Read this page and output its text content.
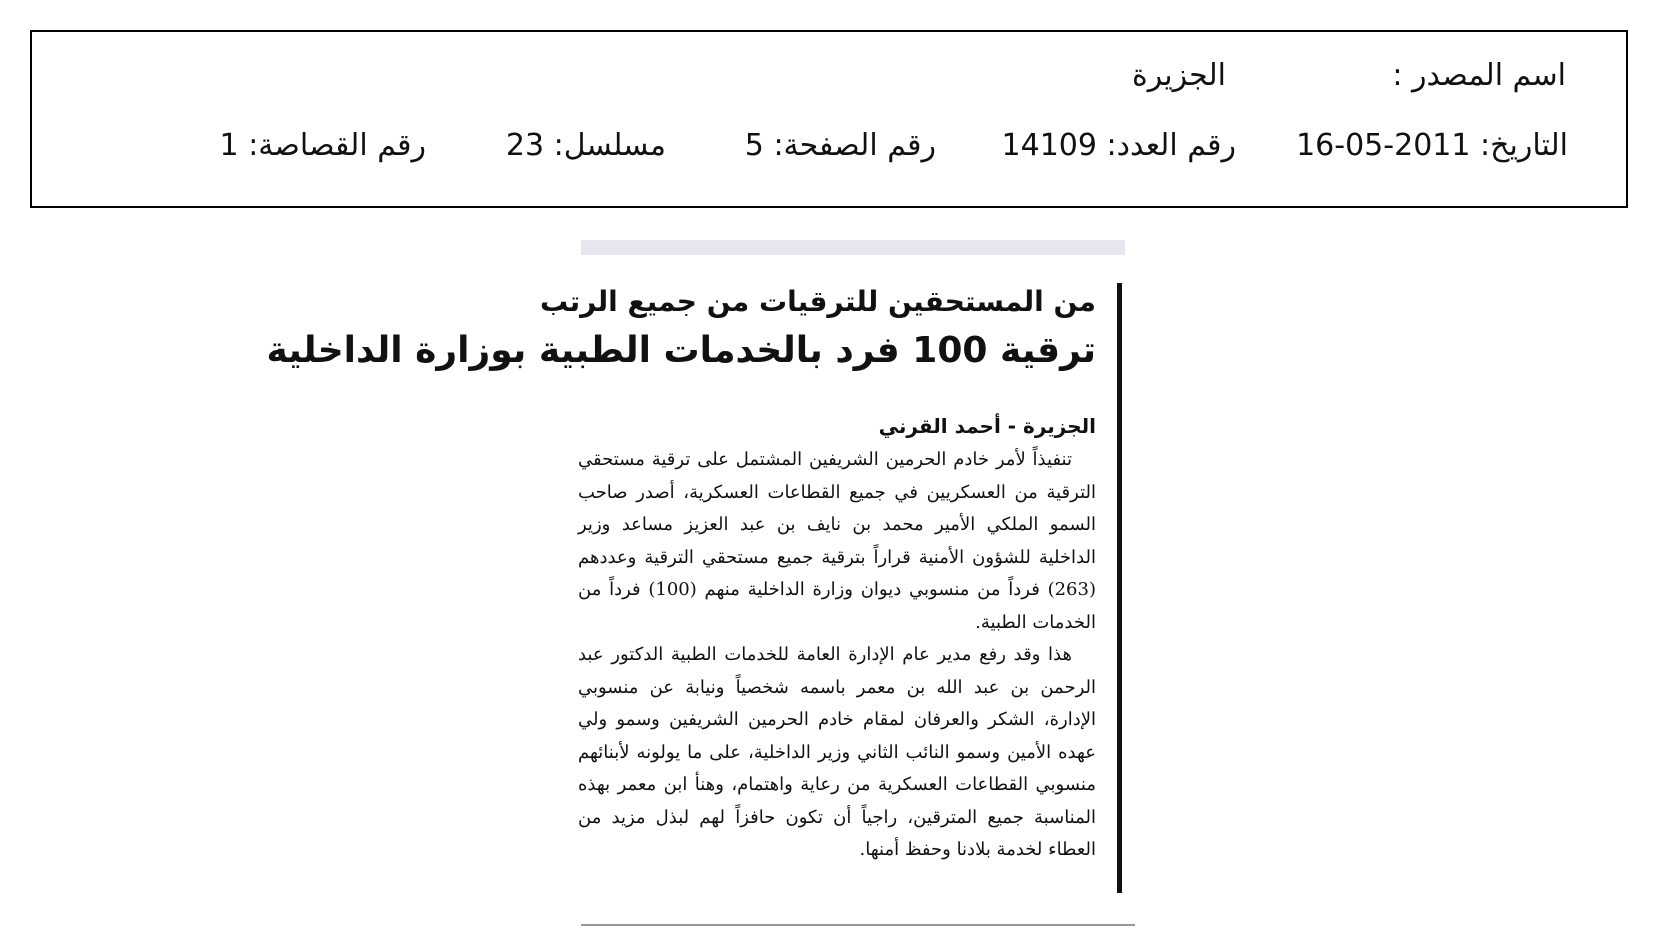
اسم المصدر :
الجزيرة
التاريخ: 2011-05-16
رقم العدد: 14109
رقم الصفحة: 5
مسلسل: 23
رقم القصاصة: 1
من المستحقين للترقيات من جميع الرتب
ترقية 100 فرد بالخدمات الطبية بوزارة الداخلية
الجزيرة - أحمد القرني

تنفيذاً لأمر خادم الحرمين الشريفين المشتمل على ترقية مستحقي الترقية من العسكريين في جميع القطاعات العسكرية، أصدر صاحب السمو الملكي الأمير محمد بن نايف بن عبد العزيز مساعد وزير الداخلية للشؤون الأمنية قراراً بترقية جميع مستحقي الترقية وعددهم (263) فرداً من منسوبي ديوان وزارة الداخلية منهم (100) فرداً من الخدمات الطبية.

هذا وقد رفع مدير عام الإدارة العامة للخدمات الطبية الدكتور عبد الرحمن بن عبد الله بن معمر باسمه شخصياً ونيابة عن منسوبي الإدارة، الشكر والعرفان لمقام خادم الحرمين الشريفين وسمو ولي عهده الأمين وسمو النائب الثاني وزير الداخلية، على ما يولونه لأبنائهم منسوبي القطاعات العسكرية من رعاية واهتمام، وهنأ ابن معمر بهذه المناسبة جميع المترقين، راجياً أن تكون حافزاً لهم لبذل مزيد من العطاء لخدمة بلادنا وحفظ أمنها.
